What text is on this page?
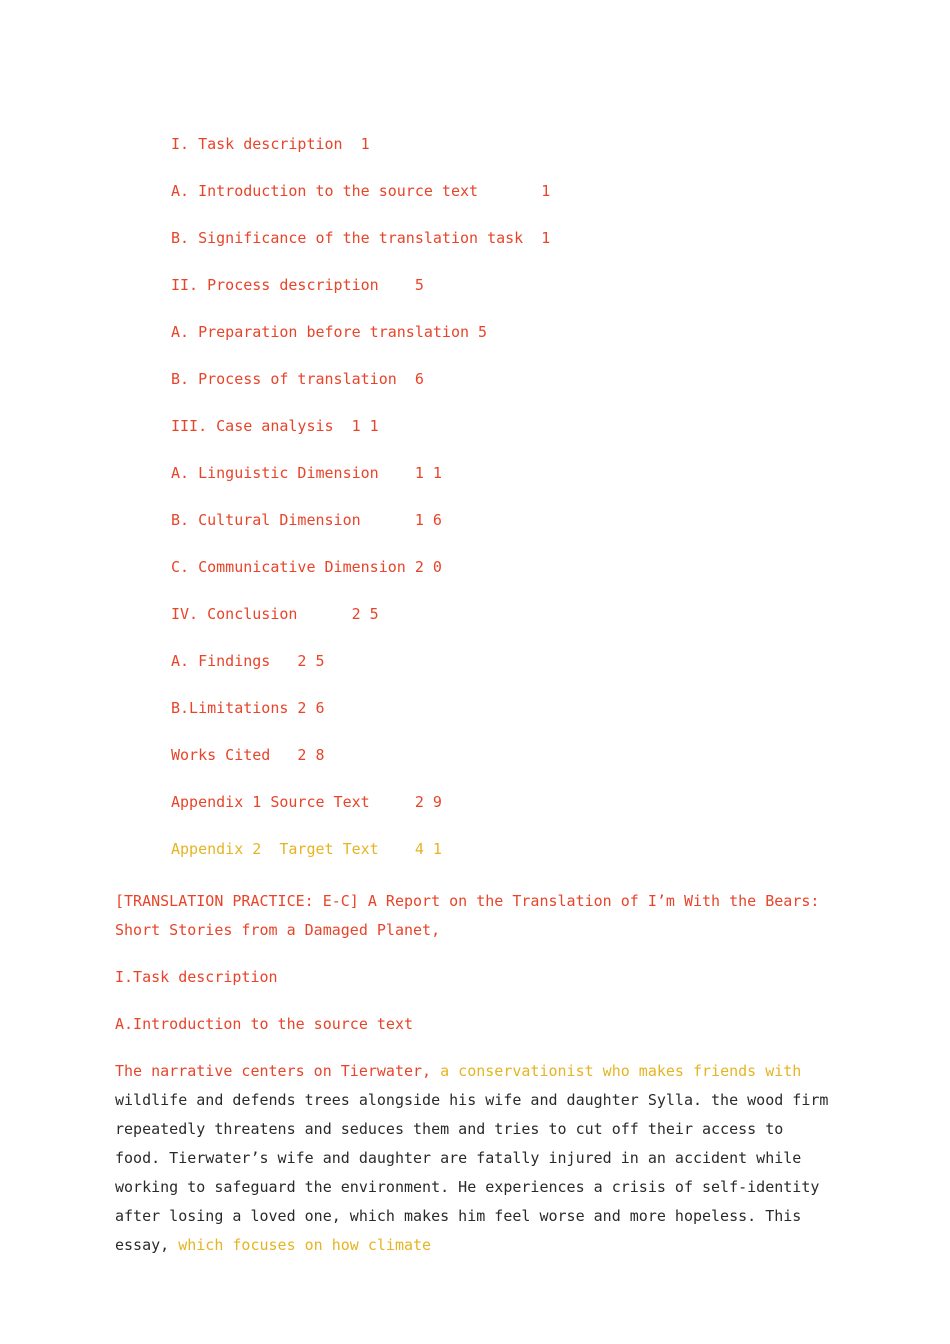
I. Task description  1
A. Introduction to the source text       1
B. Significance of the translation task  1
II. Process description    5
A. Preparation before translation 5
B. Process of translation  6
III. Case analysis  1 1
A. Linguistic Dimension    1 1
B. Cultural Dimension      1 6
C. Communicative Dimension 2 0
IV. Conclusion      2 5
A. Findings   2 5
B.Limitations 2 6
Works Cited   2 8
Appendix 1 Source Text     2 9
Appendix 2  Target Text    4 1

[TRANSLATION PRACTICE: E-C] A Report on the Translation of I’m With the Bears: Short Stories from a Damaged Planet,

I.Task description

A.Introduction to the source text

The narrative centers on Tierwater, a conservationist who makes friends with wildlife and defends trees alongside his wife and daughter Sylla. the wood firm repeatedly threatens and seduces them and tries to cut off their access to food. Tierwater’s wife and daughter are fatally injured in an accident while working to safeguard the environment. He experiences a crisis of self-identity after losing a loved one, which makes him feel worse and more hopeless. This essay, which focuses on how climate
